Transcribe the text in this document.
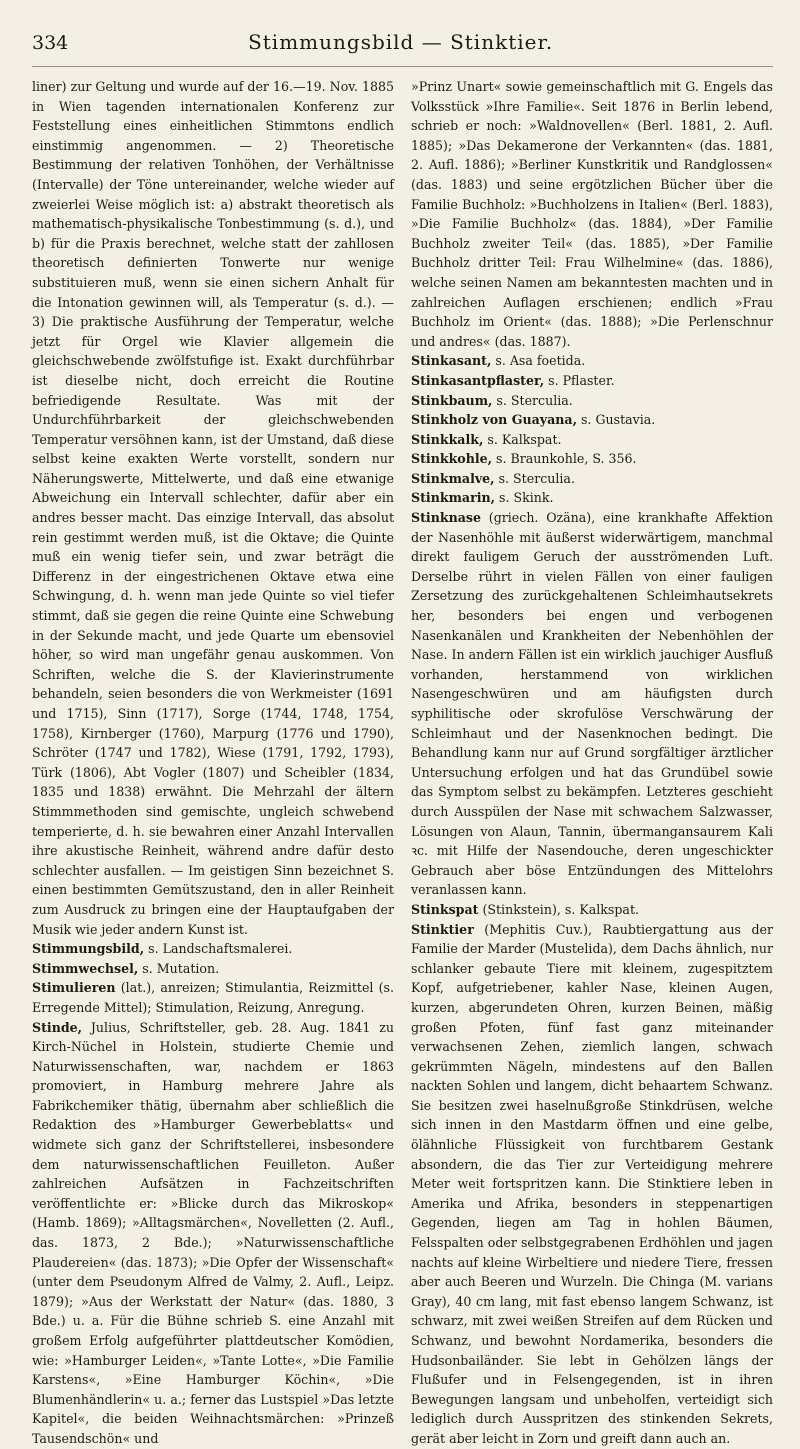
334	Stimmungsbild — Stinktier.

liner) zur Geltung und wurde auf der 16.—19. Nov. 1885 in Wien tagenden internationalen Konferenz zur Feststellung eines einheitlichen Stimmtons endlich einstimmig angenommen. — 2) Theoretische Bestimmung der relativen Tonhöhen, der Verhältnisse (Intervalle) der Töne untereinander, welche wieder auf zweierlei Weise möglich ist: a) abstrakt theoretisch als mathematisch-physikalische Tonbestimmung (s. d.), und b) für die Praxis berechnet, welche statt der zahllosen theoretisch definierten Tonwerte nur wenige substituieren muß, wenn sie einen sichern Anhalt für die Intonation gewinnen will, als Temperatur (s. d.). — 3) Die praktische Ausführung der Temperatur, welche jetzt für Orgel wie Klavier allgemein die gleichschwebende zwölfstufige ist. Exakt durchführbar ist dieselbe nicht, doch erreicht die Routine befriedigende Resultate. Was mit der Undurchführbarkeit der gleichschwebenden Temperatur versöhnen kann, ist der Umstand, daß diese selbst keine exakten Werte vorstellt, sondern nur Näherungswerte, Mittelwerte, und daß eine etwanige Abweichung ein Intervall schlechter, dafür aber ein andres besser macht. Das einzige Intervall, das absolut rein gestimmt werden muß, ist die Oktave; die Quinte muß ein wenig tiefer sein, und zwar beträgt die Differenz in der eingestrichenen Oktave etwa eine Schwingung, d. h. wenn man jede Quinte so viel tiefer stimmt, daß sie gegen die reine Quinte eine Schwebung in der Sekunde macht, und jede Quarte um ebensoviel höher, so wird man ungefähr genau auskommen. Von Schriften, welche die S. der Klavierinstrumente behandeln, seien besonders die von Werkmeister (1691 und 1715), Sinn (1717), Sorge (1744, 1748, 1754, 1758), Kirnberger (1760), Marpurg (1776 und 1790), Schröter (1747 und 1782), Wiese (1791, 1792, 1793), Türk (1806), Abt Vogler (1807) und Scheibler (1834, 1835 und 1838) erwähnt. Die Mehrzahl der ältern Stimmmethoden sind gemischte, ungleich schwebend temperierte, d. h. sie bewahren einer Anzahl Intervallen ihre akustische Reinheit, während andre dafür desto schlechter ausfallen. — Im geistigen Sinn bezeichnet S. einen bestimmten Gemütszustand, den in aller Reinheit zum Ausdruck zu bringen eine der Hauptaufgaben der Musik wie jeder andern Kunst ist.

Stimmungsbild, s. Landschaftsmalerei.

Stimmwechsel, s. Mutation.

Stimulieren (lat.), anreizen; Stimulantia, Reizmittel (s. Erregende Mittel); Stimulation, Reizung, Anregung.

Stinde, Julius, Schriftsteller, geb. 28. Aug. 1841 zu Kirch-Nüchel in Holstein, studierte Chemie und Naturwissenschaften, war, nachdem er 1863 promoviert, in Hamburg mehrere Jahre als Fabrikchemiker thätig, übernahm aber schließlich die Redaktion des »Hamburger Gewerbeblatts« und widmete sich ganz der Schriftstellerei, insbesondere dem naturwissenschaftlichen Feuilleton. Außer zahlreichen Aufsätzen in Fachzeitschriften veröffentlichte er: »Blicke durch das Mikroskop« (Hamb. 1869); »Alltagsmärchen«, Novelletten (2. Aufl., das. 1873, 2 Bde.); »Naturwissenschaftliche Plaudereien« (das. 1873); »Die Opfer der Wissenschaft« (unter dem Pseudonym Alfred de Valmy, 2. Aufl., Leipz. 1879); »Aus der Werkstatt der Natur« (das. 1880, 3 Bde.) u. a. Für die Bühne schrieb S. eine Anzahl mit großem Erfolg aufgeführter plattdeutscher Komödien, wie: »Hamburger Leiden«, »Tante Lotte«, »Die Familie Karstens«, »Eine Hamburger Köchin«, »Die Blumenhändlerin« u. a.; ferner das Lustspiel »Das letzte Kapitel«, die beiden Weihnachtsmärchen: »Prinzeß Tausendschön« und

»Prinz Unart« sowie gemeinschaftlich mit G. Engels das Volksstück »Ihre Familie«. Seit 1876 in Berlin lebend, schrieb er noch: »Waldnovellen« (Berl. 1881, 2. Aufl. 1885); »Das Dekamerone der Verkannten« (das. 1881, 2. Aufl. 1886); »Berliner Kunstkritik und Randglossen« (das. 1883) und seine ergötzlichen Bücher über die Familie Buchholz: »Buchholzens in Italien« (Berl. 1883), »Die Familie Buchholz« (das. 1884), »Der Familie Buchholz zweiter Teil« (das. 1885), »Der Familie Buchholz dritter Teil: Frau Wilhelmine« (das. 1886), welche seinen Namen am bekanntesten machten und in zahlreichen Auflagen erschienen; endlich »Frau Buchholz im Orient« (das. 1888); »Die Perlenschnur und andres« (das. 1887).

Stinkasant, s. Asa foetida.

Stinkasantpflaster, s. Pflaster.

Stinkbaum, s. Sterculia.

Stinkholz von Guayana, s. Gustavia.

Stinkkalk, s. Kalkspat.

Stinkkohle, s. Braunkohle, S. 356.

Stinkmalve, s. Sterculia.

Stinkmarin, s. Skink.

Stinknase (griech. Ozäna), eine krankhafte Affektion der Nasenhöhle mit äußerst widerwärtigem, manchmal direkt fauligem Geruch der ausströmenden Luft. Derselbe rührt in vielen Fällen von einer fauligen Zersetzung des zurückgehaltenen Schleimhautsekrets her, besonders bei engen und verbogenen Nasenkanälen und Krankheiten der Nebenhöhlen der Nase. In andern Fällen ist ein wirklich jauchiger Ausfluß vorhanden, herstammend von wirklichen Nasengeschwüren und am häufigsten durch syphilitische oder skrofulöse Verschwärung der Schleimhaut und der Nasenknochen bedingt. Die Behandlung kann nur auf Grund sorgfältiger ärztlicher Untersuchung erfolgen und hat das Grundübel sowie das Symptom selbst zu bekämpfen. Letzteres geschieht durch Ausspülen der Nase mit schwachem Salzwasser, Lösungen von Alaun, Tannin, übermangansaurem Kali ꝛc. mit Hilfe der Nasendouche, deren ungeschickter Gebrauch aber böse Entzündungen des Mittelohrs veranlassen kann.

Stinkspat (Stinkstein), s. Kalkspat.

Stinktier (Mephitis Cuv.), Raubtiergattung aus der Familie der Marder (Mustelida), dem Dachs ähnlich, nur schlanker gebaute Tiere mit kleinem, zugespitztem Kopf, aufgetriebener, kahler Nase, kleinen Augen, kurzen, abgerundeten Ohren, kurzen Beinen, mäßig großen Pfoten, fünf fast ganz miteinander verwachsenen Zehen, ziemlich langen, schwach gekrümmten Nägeln, mindestens auf den Ballen nackten Sohlen und langem, dicht behaartem Schwanz. Sie besitzen zwei haselnußgroße Stinkdrüsen, welche sich innen in den Mastdarm öffnen und eine gelbe, ölähnliche Flüssigkeit von furchtbarem Gestank absondern, die das Tier zur Verteidigung mehrere Meter weit fortspritzen kann. Die Stinktiere leben in Amerika und Afrika, besonders in steppenartigen Gegenden, liegen am Tag in hohlen Bäumen, Felsspalten oder selbstgegrabenen Erdhöhlen und jagen nachts auf kleine Wirbeltiere und niedere Tiere, fressen aber auch Beeren und Wurzeln. Die Chinga (M. varians Gray), 40 cm lang, mit fast ebenso langem Schwanz, ist schwarz, mit zwei weißen Streifen auf dem Rücken und Schwanz, und bewohnt Nordamerika, besonders die Hudsonbailänder. Sie lebt in Gehölzen längs der Flußufer und in Felsengegenden, ist in ihren Bewegungen langsam und unbeholfen, verteidigt sich lediglich durch Ausspritzen des stinkenden Sekrets, gerät aber leicht in Zorn und greift dann auch an.
